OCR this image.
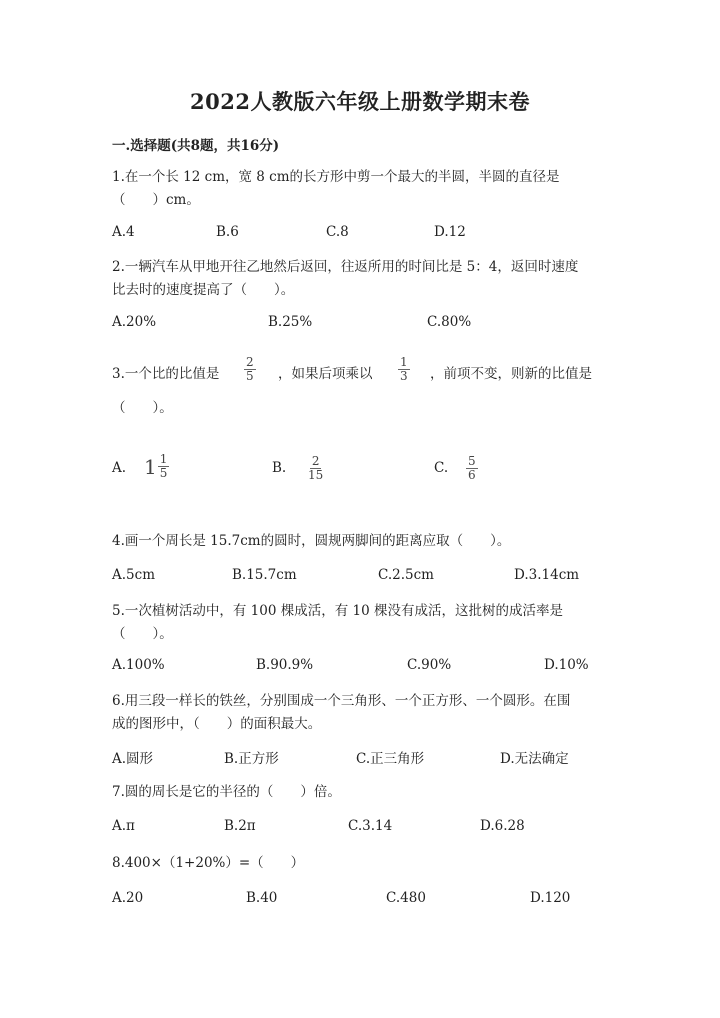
2022人教版六年级上册数学期末卷
一.选择题(共8题，共16分)
1.在一个长 12 cm，宽 8 cm的长方形中剪一个最大的半圆，半圆的直径是
（　　）cm。
A.4	B.6	C.8	D.12
2.一辆汽车从甲地开往乙地然后返回，往返所用的时间比是 5：4，返回时速度
比去时的速度提高了（　　）。
A.20%	B.25%	C.80%
3.一个比的比值是 $\frac{2}{5}$ ，如果后项乘以 $\frac{1}{3}$ ，前项不变，则新的比值是
（　　）。
A. $1 \frac{1}{5}$	B. $\frac{2}{15}$	C. $\frac{5}{6}$
4.画一个周长是 15.7cm的圆时，圆规两脚间的距离应取（　　）。
A.5cm	B.15.7cm	C.2.5cm	D.3.14cm
5.一次植树活动中，有 100 棵成活，有 10 棵没有成活，这批树的成活率是
（　　）。
A.100%	B.90.9%	C.90%	D.10%
6.用三段一样长的铁丝，分别围成一个三角形、一个正方形、一个圆形。在围
成的图形中，（　　）的面积最大。
A.圆形	B.正方形	C.正三角形	D.无法确定
7.圆的周长是它的半径的（　　）倍。
A.π	B.2π	C.3.14	D.6.28
8.400×（1+20%）=（　　）
A.20	B.40	C.480	D.120
